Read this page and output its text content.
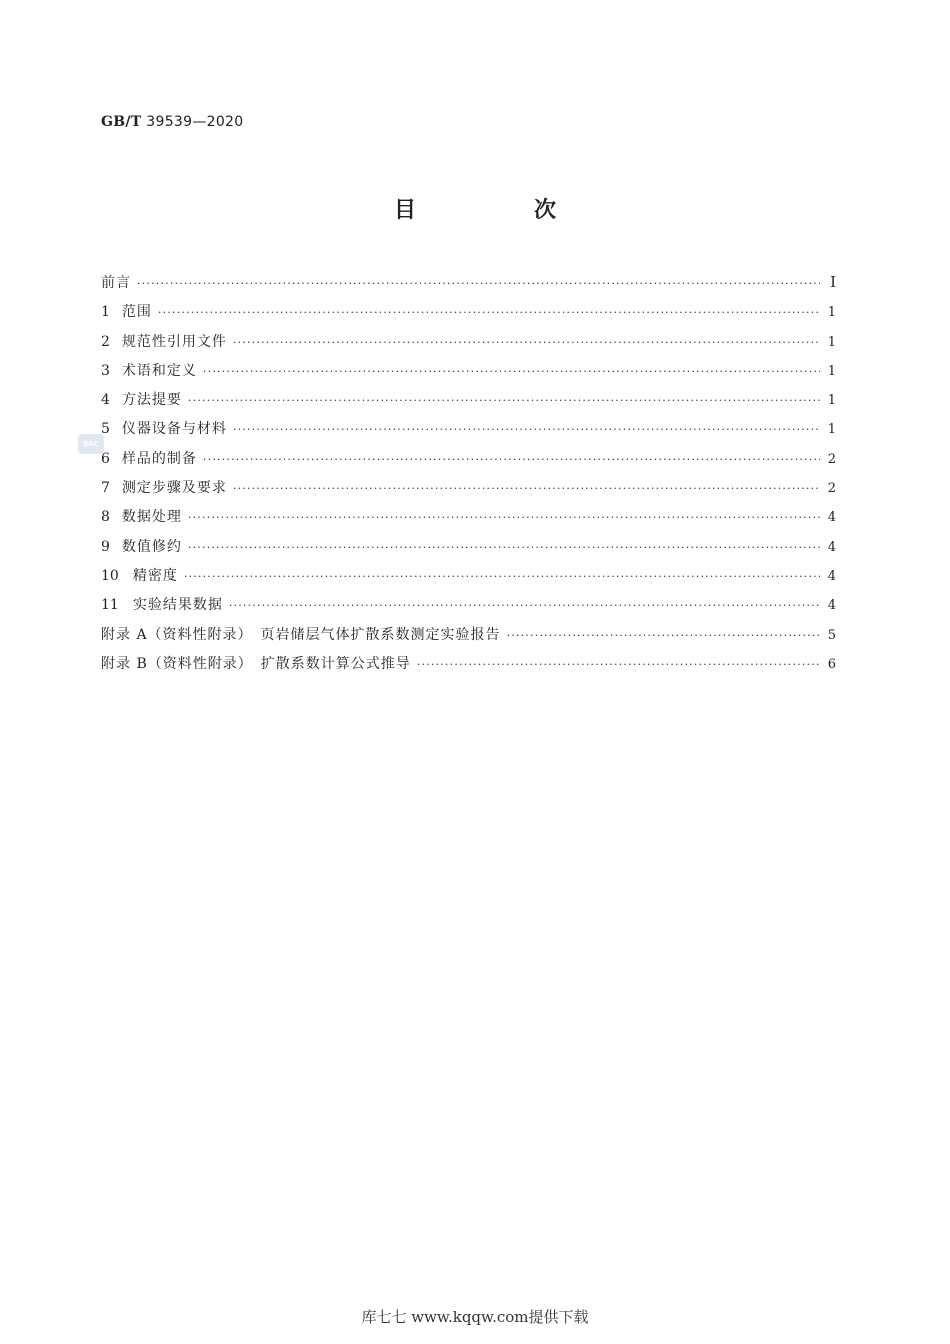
GB/T 39539—2020
目　次
SAC
前言 ·····	I
1 范围 ·····	1
2 规范性引用文件 ·····	1
3 术语和定义 ·····	1
4 方法提要 ·····	1
5 仪器设备与材料 ·····	1
6 样品的制备 ·····	2
7 测定步骤及要求 ·····	2
8 数据处理 ·····	4
9 数值修约 ·····	4
10 精密度 ·····	4
11 实验结果数据 ·····	4
附录 A（资料性附录）　页岩储层气体扩散系数测定实验报告 ·····	5
附录 B（资料性附录）　扩散系数计算公式推导 ·····	6
库七七 www.kqqw.com提供下载
